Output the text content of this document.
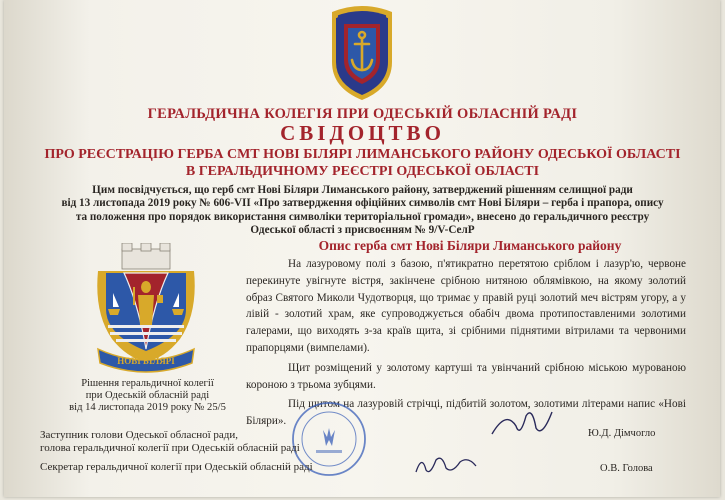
ГЕРАЛЬДИЧНА КОЛЕГІЯ ПРИ ОДЕСЬКІЙ ОБЛАСНІЙ РАДІ
СВІДОЦТВО
ПРО РЕЄСТРАЦІЮ ГЕРБА СМТ НОВІ БІЛЯРІ ЛИМАНСЬКОГО РАЙОНУ ОДЕСЬКОЇ ОБЛАСТІ
В ГЕРАЛЬДИЧНОМУ РЕЄСТРІ ОДЕСЬКОЇ ОБЛАСТІ
Цим посвідчується, що герб смт Нові Біляри Лиманського району, затверджений рішенням селищної ради
від 13 листопада 2019 року № 606-VII «Про затвердження офіційних символів смт Нові Біляри – герба і прапора, опису
та положення про порядок використання символіки територіальної громади», внесено до геральдичного реєстру
Одеської області з присвоєнням № 9/V-СелР
НОВІ БІЛЯРІ
Рішення геральдичної колегії
при Одеській обласній раді
від 14 листопада 2019 року № 25/5
Опис герба смт Нові Біляри Лиманського району

На лазуровому полі з базою, п'ятикратно перетятою сріблом і лазур'ю, червоне перекинуте увігнуте вістря, закінчене срібною нитяною облямівкою, на якому золотий образ Святого Миколи Чудотворця, що тримає у правій руці золотий меч вістрям угору, а у лівій - золотий храм, яке супроводжується обабіч двома протипоставленими золотими галерами, що виходять з-за країв щита, зі срібними піднятими вітрилами та червоними прапорцями (вимпелами).

Щит розміщений у золотому картуші та увінчаний срібною міською мурованою короною з трьома зубцями.

Під щитом на лазуровій стрічці, підбитій золотом, золотими літерами напис «Нові Біляри».

Заступник голови Одеської обласної ради,
голова геральдичної колегії при Одеській обласній раді
Ю.Д. Дімчогло
Секретар геральдичної колегії при Одеській обласній раді	О.В. Голова
